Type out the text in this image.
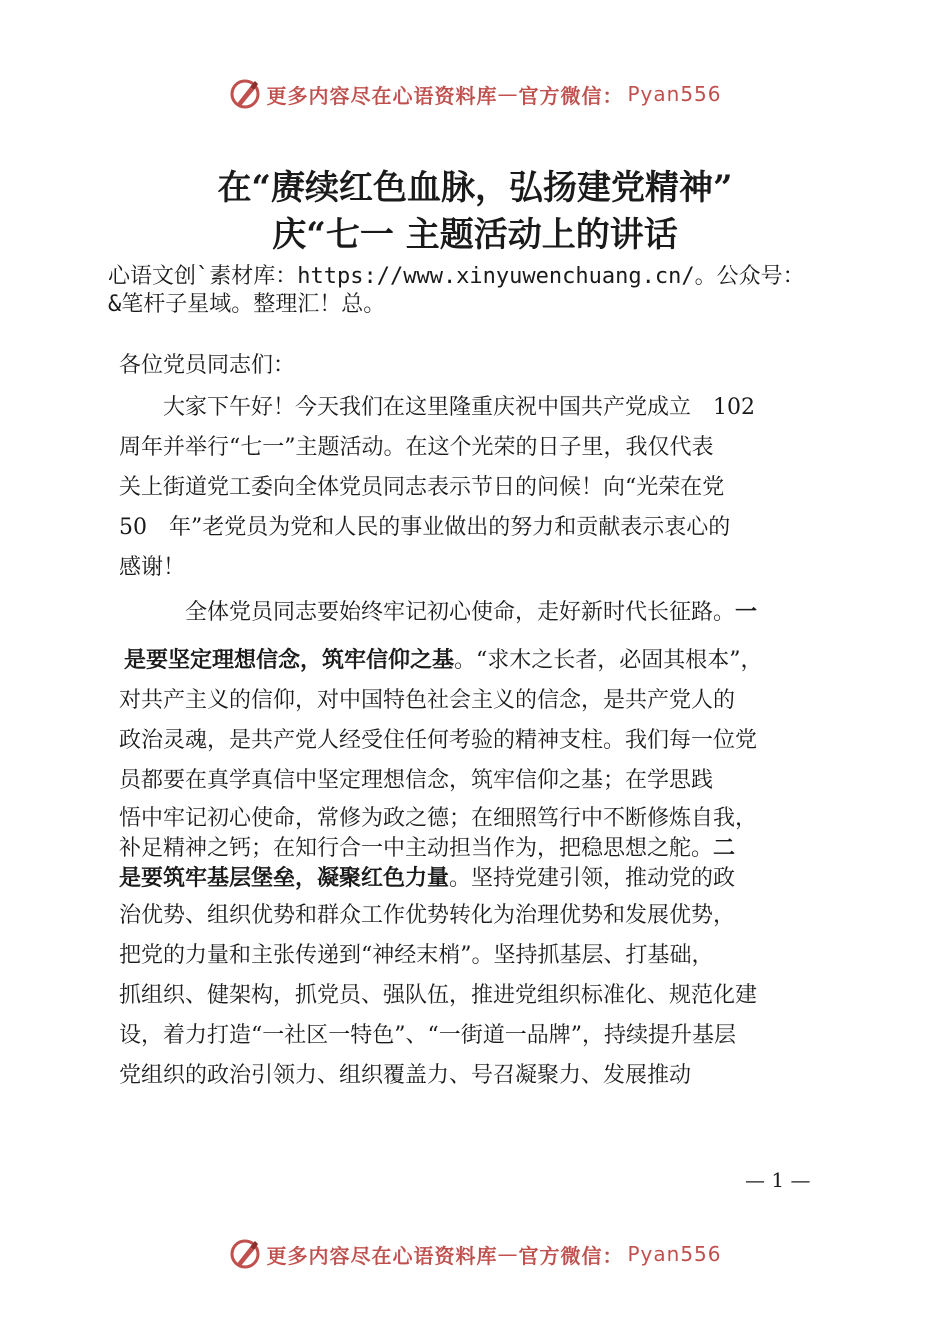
更多内容尽在心语资料库 — 官方微信： Pyan556
在“赓续红色血脉，弘扬建党精神”
庆“七一 主题活动上的讲话

心语文创`素材库：https://www.xinyuwenchuang.cn/。公众号：

&笔杆子星域。整理汇！总。

各位党员同志们：

　　大家下午好！今天我们在这里隆重庆祝中国共产党成立　102

周年并举行“七一”主题活动。在这个光荣的日子里，我仅代表

关上街道党工委向全体党员同志表示节日的问候！向“光荣在党

50　年”老党员为党和人民的事业做出的努力和贡献表示衷心的

感谢！

　　　全体党员同志要始终牢记初心使命，走好新时代长征路。一

是要坚定理想信念，筑牢信仰之基。“求木之长者，必固其根本”，

对共产主义的信仰，对中国特色社会主义的信念，是共产党人的

政治灵魂，是共产党人经受住任何考验的精神支柱。我们每一位党

员都要在真学真信中坚定理想信念，筑牢信仰之基；在学思践

悟中牢记初心使命，常修为政之德；在细照笃行中不断修炼自我，

补足精神之钙；在知行合一中主动担当作为，把稳思想之舵。二

是要筑牢基层堡垒，凝聚红色力量。坚持党建引领，推动党的政

治优势、组织优势和群众工作优势转化为治理优势和发展优势，

把党的力量和主张传递到“神经末梢”。坚持抓基层、打基础，

抓组织、健架构，抓党员、强队伍，推进党组织标准化、规范化建

设，着力打造“一社区一特色”、“一街道一品牌”，持续提升基层

党组织的政治引领力、组织覆盖力、号召凝聚力、发展推动

— 1 —

更多内容尽在心语资料库 — 官方微信： Pyan556
